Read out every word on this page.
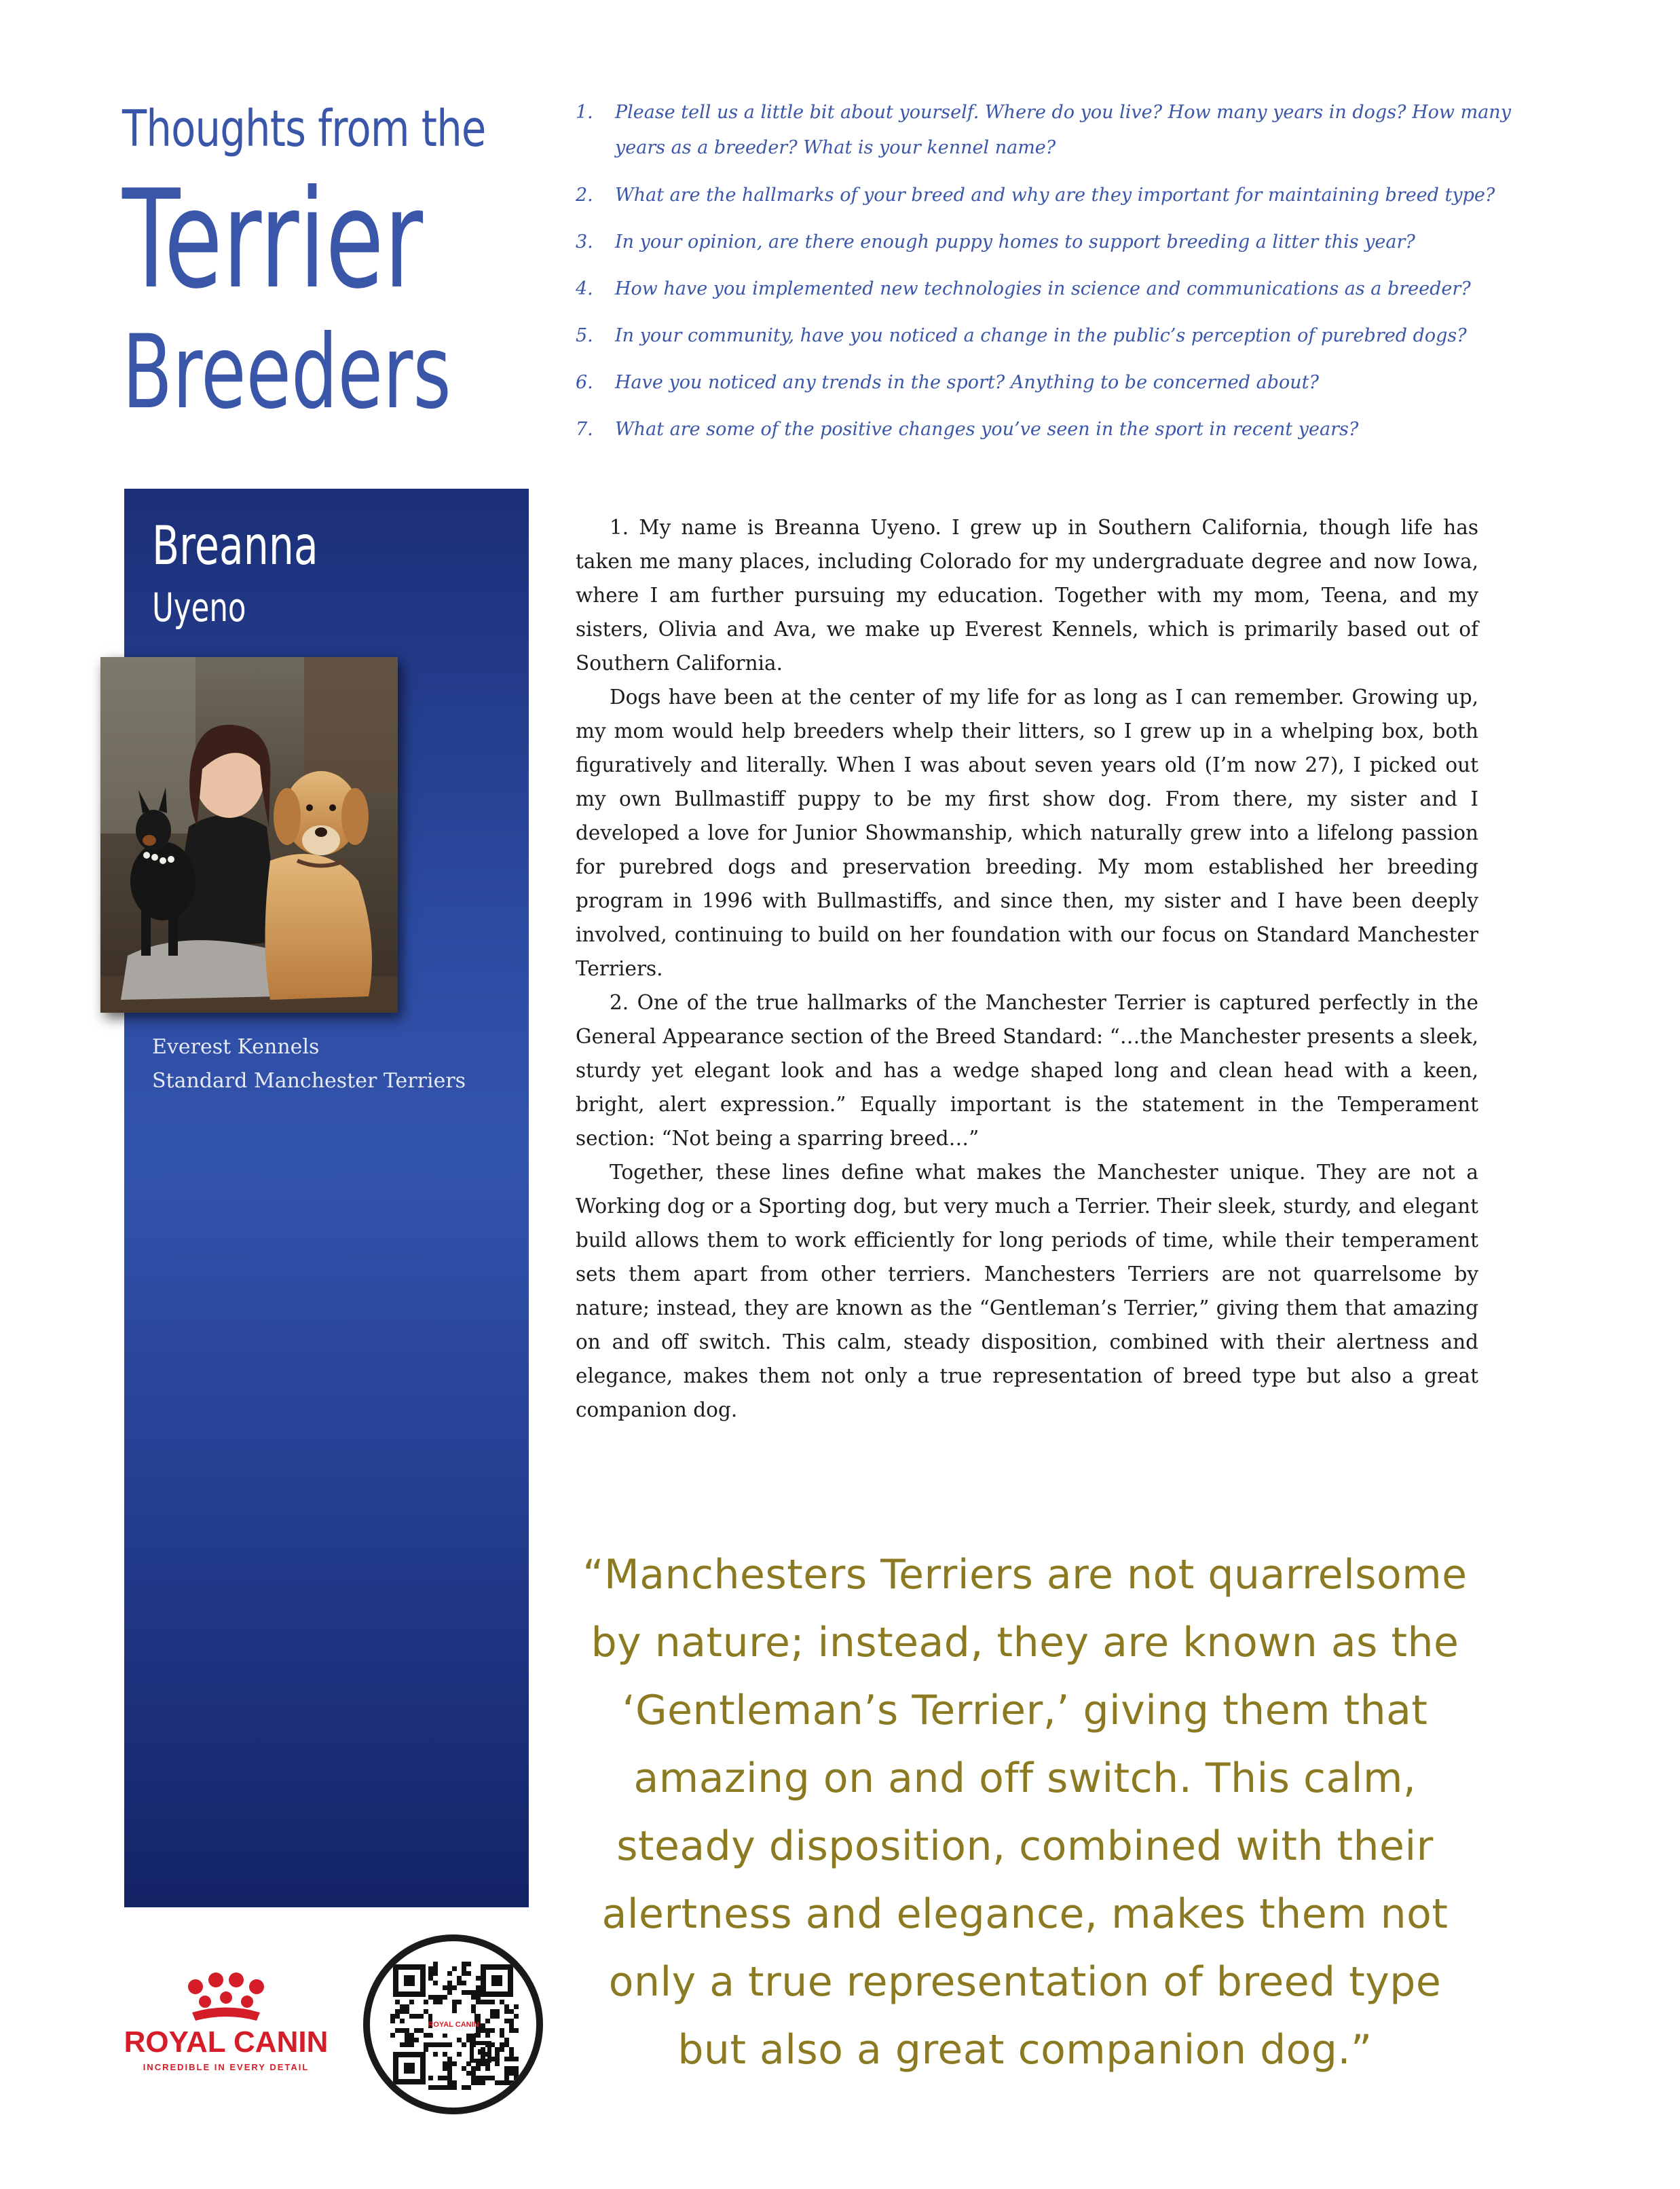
Thoughts from the
Terrier
Breeders
1. Please tell us a little bit about yourself. Where do you live? How many years in dogs? How many years as a breeder? What is your kennel name?
2. What are the hallmarks of your breed and why are they important for maintaining breed type?
3. In your opinion, are there enough puppy homes to support breeding a litter this year?
4. How have you implemented new technologies in science and communications as a breeder?
5. In your community, have you noticed a change in the public’s perception of purebred dogs?
6. Have you noticed any trends in the sport? Anything to be concerned about?
7. What are some of the positive changes you’ve seen in the sport in recent years?
Breanna
Uyeno
Everest Kennels
Standard Manchester Terriers

1. My name is Breanna Uyeno. I grew up in Southern California, though life has taken me many places, including Colorado for my undergraduate degree and now Iowa, where I am further pursuing my education. Together with my mom, Teena, and my sisters, Olivia and Ava, we make up Everest Kennels, which is primarily based out of Southern California.

Dogs have been at the center of my life for as long as I can remember. Growing up, my mom would help breeders whelp their litters, so I grew up in a whelping box, both figuratively and literally. When I was about seven years old (I’m now 27), I picked out my own Bullmastiff puppy to be my first show dog. From there, my sister and I developed a love for Junior Showmanship, which naturally grew into a lifelong passion for purebred dogs and preservation breeding. My mom established her breeding program in 1996 with Bullmastiffs, and since then, my sister and I have been deeply involved, continuing to build on her foundation with our focus on Standard Manchester Terriers.

2. One of the true hallmarks of the Manchester Terrier is captured perfectly in the General Appearance section of the Breed Standard: “…the Manchester presents a sleek, sturdy yet elegant look and has a wedge shaped long and clean head with a keen, bright, alert expression.” Equally important is the statement in the Temperament section: “Not being a sparring breed…”

Together, these lines define what makes the Manchester unique. They are not a Working dog or a Sporting dog, but very much a Terrier. Their sleek, sturdy, and elegant build allows them to work efficiently for long periods of time, while their temperament sets them apart from other terriers. Manchesters Terriers are not quarrelsome by nature; instead, they are known as the “Gentleman’s Terrier,” giving them that amazing on and off switch. This calm, steady disposition, combined with their alertness and elegance, makes them not only a true representation of breed type but also a great companion dog.

“Manchesters Terriers are not quarrelsome by nature; instead, they are known as the ‘Gentleman’s Terrier,’ giving them that amazing on and off switch. This calm, steady disposition, combined with their alertness and elegance, makes them not only a true representation of breed type but also a great companion dog.”
ROYAL CANIN
INCREDIBLE IN EVERY DETAIL
ROYAL CANIN
